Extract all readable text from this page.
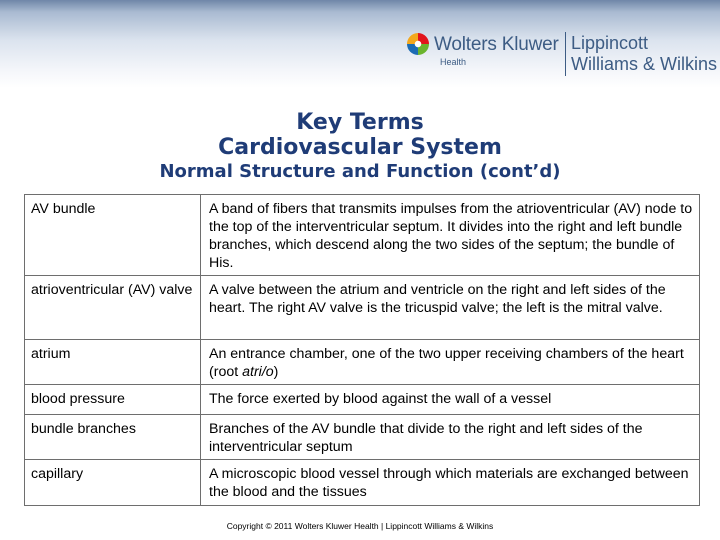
Wolters Kluwer
Health
Lippincott
Williams & Wilkins
Key Terms
Cardiovascular System
Normal Structure and Function (cont’d)
AV bundle	A band of fibers that transmits impulses from the atrioventricular (AV) node to the top of the interventricular septum. It divides into the right and left bundle branches, which descend along the two sides of the septum; the bundle of His.
atrioventricular (AV) valve	A valve between the atrium and ventricle on the right and left sides of the heart. The right AV valve is the tricuspid valve; the left is the mitral valve.
atrium	An entrance chamber, one of the two upper receiving chambers of the heart (root atri/o)
blood pressure	The force exerted by blood against the wall of a vessel
bundle branches	Branches of the AV bundle that divide to the right and left sides of the interventricular septum
capillary	A microscopic blood vessel through which materials are exchanged between the blood and the tissues
Copyright © 2011 Wolters Kluwer Health | Lippincott Williams & Wilkins
